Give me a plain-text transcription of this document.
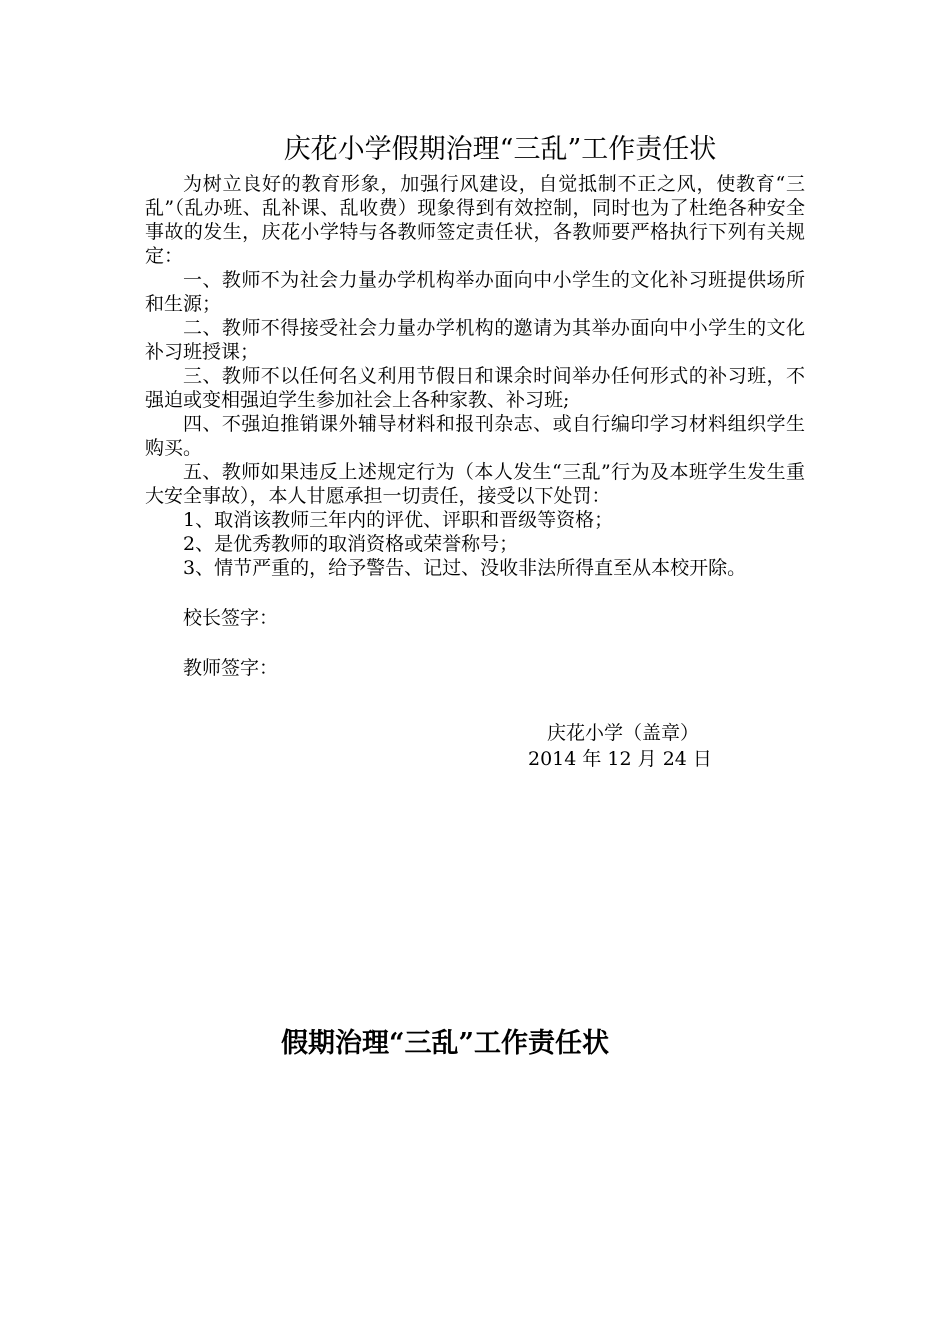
庆花小学假期治理“三乱”工作责任状

为树立良好的教育形象，加强行风建设，自觉抵制不正之风，使教育“三乱”（乱办班、乱补课、乱收费）现象得到有效控制，同时也为了杜绝各种安全事故的发生，庆花小学特与各教师签定责任状，各教师要严格执行下列有关规定：

一、教师不为社会力量办学机构举办面向中小学生的文化补习班提供场所和生源；

二、教师不得接受社会力量办学机构的邀请为其举办面向中小学生的文化补习班授课；

三、教师不以任何名义利用节假日和课余时间举办任何形式的补习班，不强迫或变相强迫学生参加社会上各种家教、补习班;

四、不强迫推销课外辅导材料和报刊杂志、或自行编印学习材料组织学生购买。

五、教师如果违反上述规定行为（本人发生“三乱”行为及本班学生发生重大安全事故），本人甘愿承担一切责任，接受以下处罚：

1、取消该教师三年内的评优、评职和晋级等资格；

2、是优秀教师的取消资格或荣誉称号；

3、情节严重的，给予警告、记过、没收非法所得直至从本校开除。

校长签字：

教师签字：

庆花小学（盖章）
2014 年 12 月 24 日
假期治理“三乱”工作责任状
